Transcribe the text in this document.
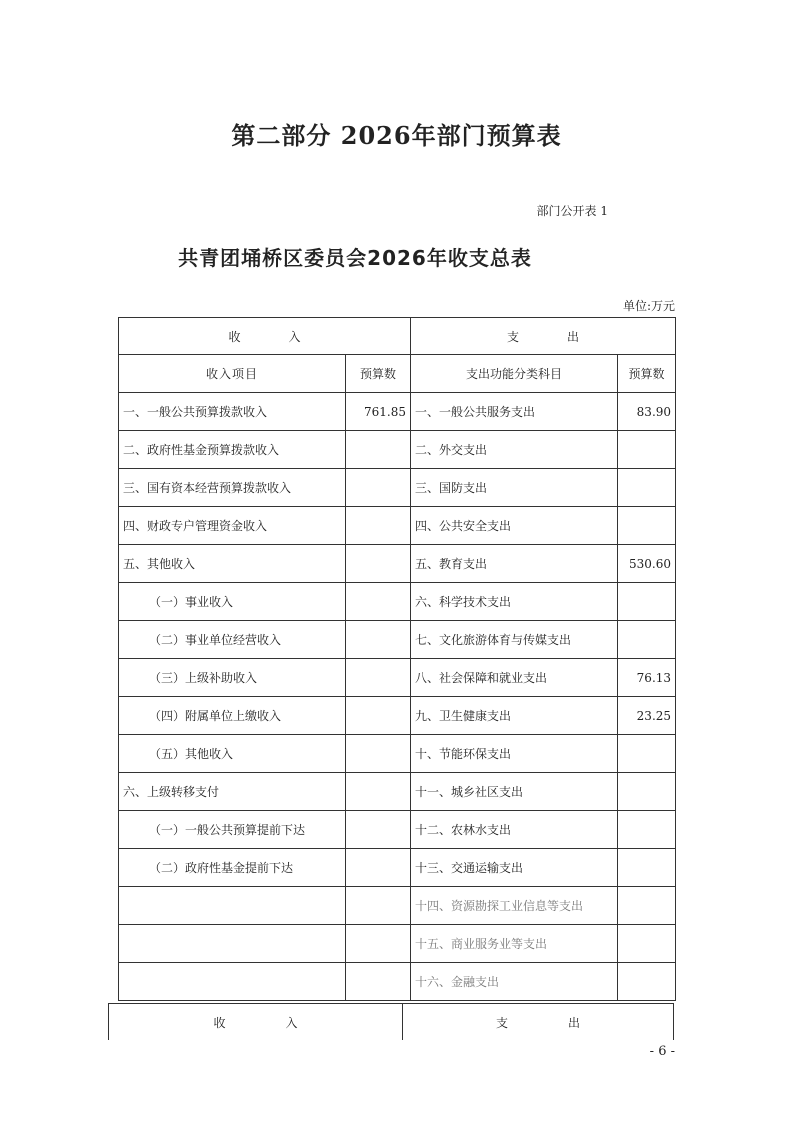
第二部分 2026年部门预算表
部门公开表 1
共青团埇桥区委员会2026年收支总表
单位:万元
收　　　　入		支　　　　出	
收入项目	预算数	支出功能分类科目	预算数
一、一般公共预算拨款收入	761.85	一、一般公共服务支出	83.90
二、政府性基金预算拨款收入		二、外交支出	
三、国有资本经营预算拨款收入		三、国防支出	
四、财政专户管理资金收入		四、公共安全支出	
五、其他收入		五、教育支出	530.60
（一）事业收入		六、科学技术支出	
（二）事业单位经营收入		七、文化旅游体育与传媒支出	
（三）上级补助收入		八、社会保障和就业支出	76.13
（四）附属单位上缴收入		九、卫生健康支出	23.25
（五）其他收入		十、节能环保支出	
六、上级转移支付		十一、城乡社区支出	
（一）一般公共预算提前下达		十二、农林水支出	
（二）政府性基金提前下达		十三、交通运输支出	
		十四、资源勘探工业信息等支出	
		十五、商业服务业等支出	
		十六、金融支出	
收　　　　　入	支　　　　　出
- 6 -
